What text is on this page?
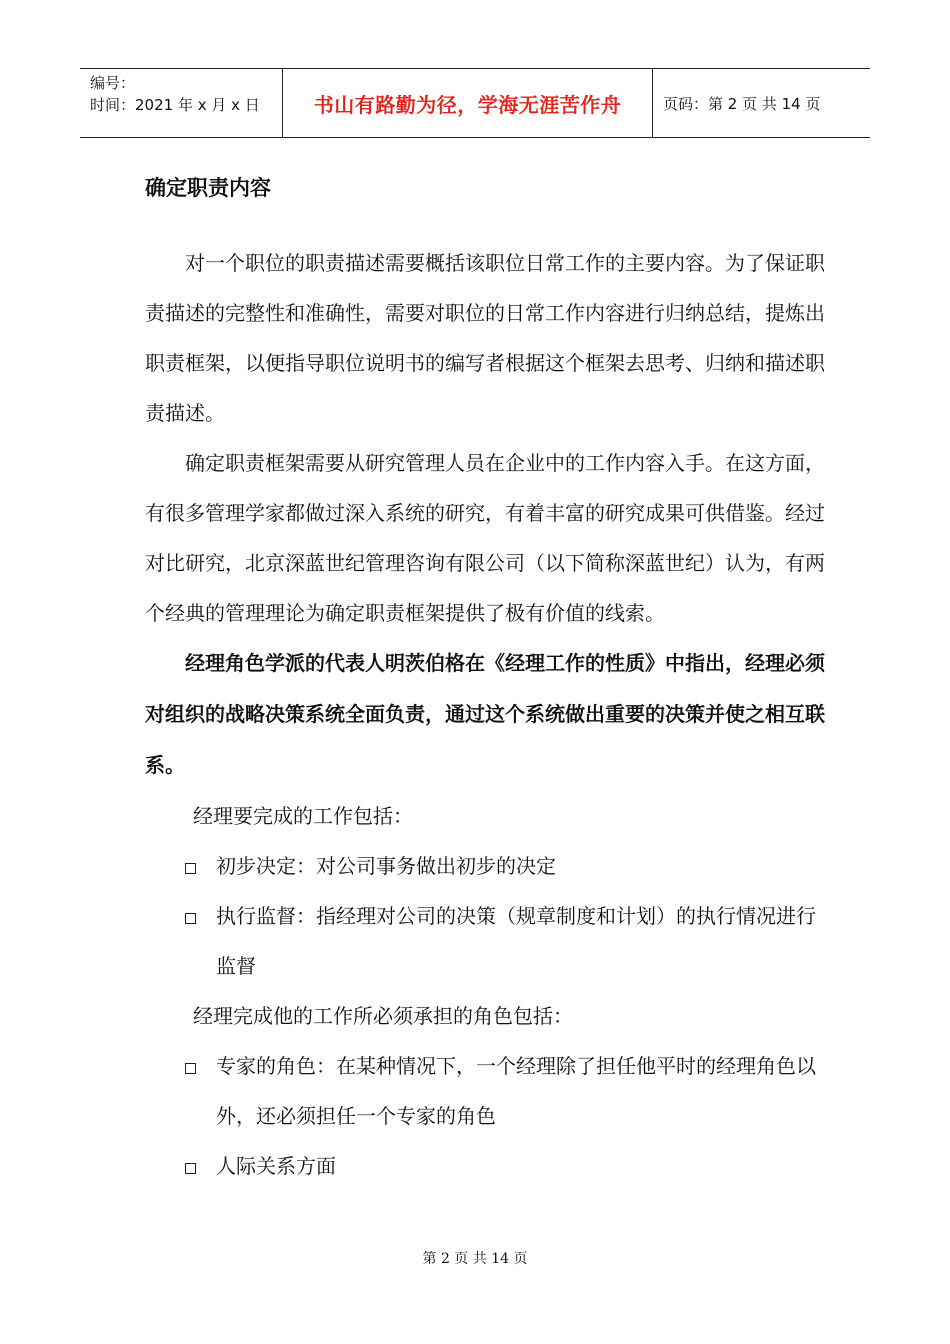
编号：
时间：2021 年 x 月 x 日	书山有路勤为径，学海无涯苦作舟	页码：第 2 页 共 14 页
确定职责内容

对一个职位的职责描述需要概括该职位日常工作的主要内容。为了保证职责描述的完整性和准确性，需要对职位的日常工作内容进行归纳总结，提炼出职责框架，以便指导职位说明书的编写者根据这个框架去思考、归纳和描述职责描述。

确定职责框架需要从研究管理人员在企业中的工作内容入手。在这方面，有很多管理学家都做过深入系统的研究，有着丰富的研究成果可供借鉴。经过对比研究，北京深蓝世纪管理咨询有限公司（以下简称深蓝世纪）认为，有两个经典的管理理论为确定职责框架提供了极有价值的线索。

经理角色学派的代表人明茨伯格在《经理工作的性质》中指出，经理必须对组织的战略决策系统全面负责，通过这个系统做出重要的决策并使之相互联系。

经理要完成的工作包括：

初步决定：对公司事务做出初步的决定
执行监督：指经理对公司的决策（规章制度和计划）的执行情况进行监督

经理完成他的工作所必须承担的角色包括：

专家的角色：在某种情况下，一个经理除了担任他平时的经理角色以外，还必须担任一个专家的角色
人际关系方面
第 2 页 共 14 页
